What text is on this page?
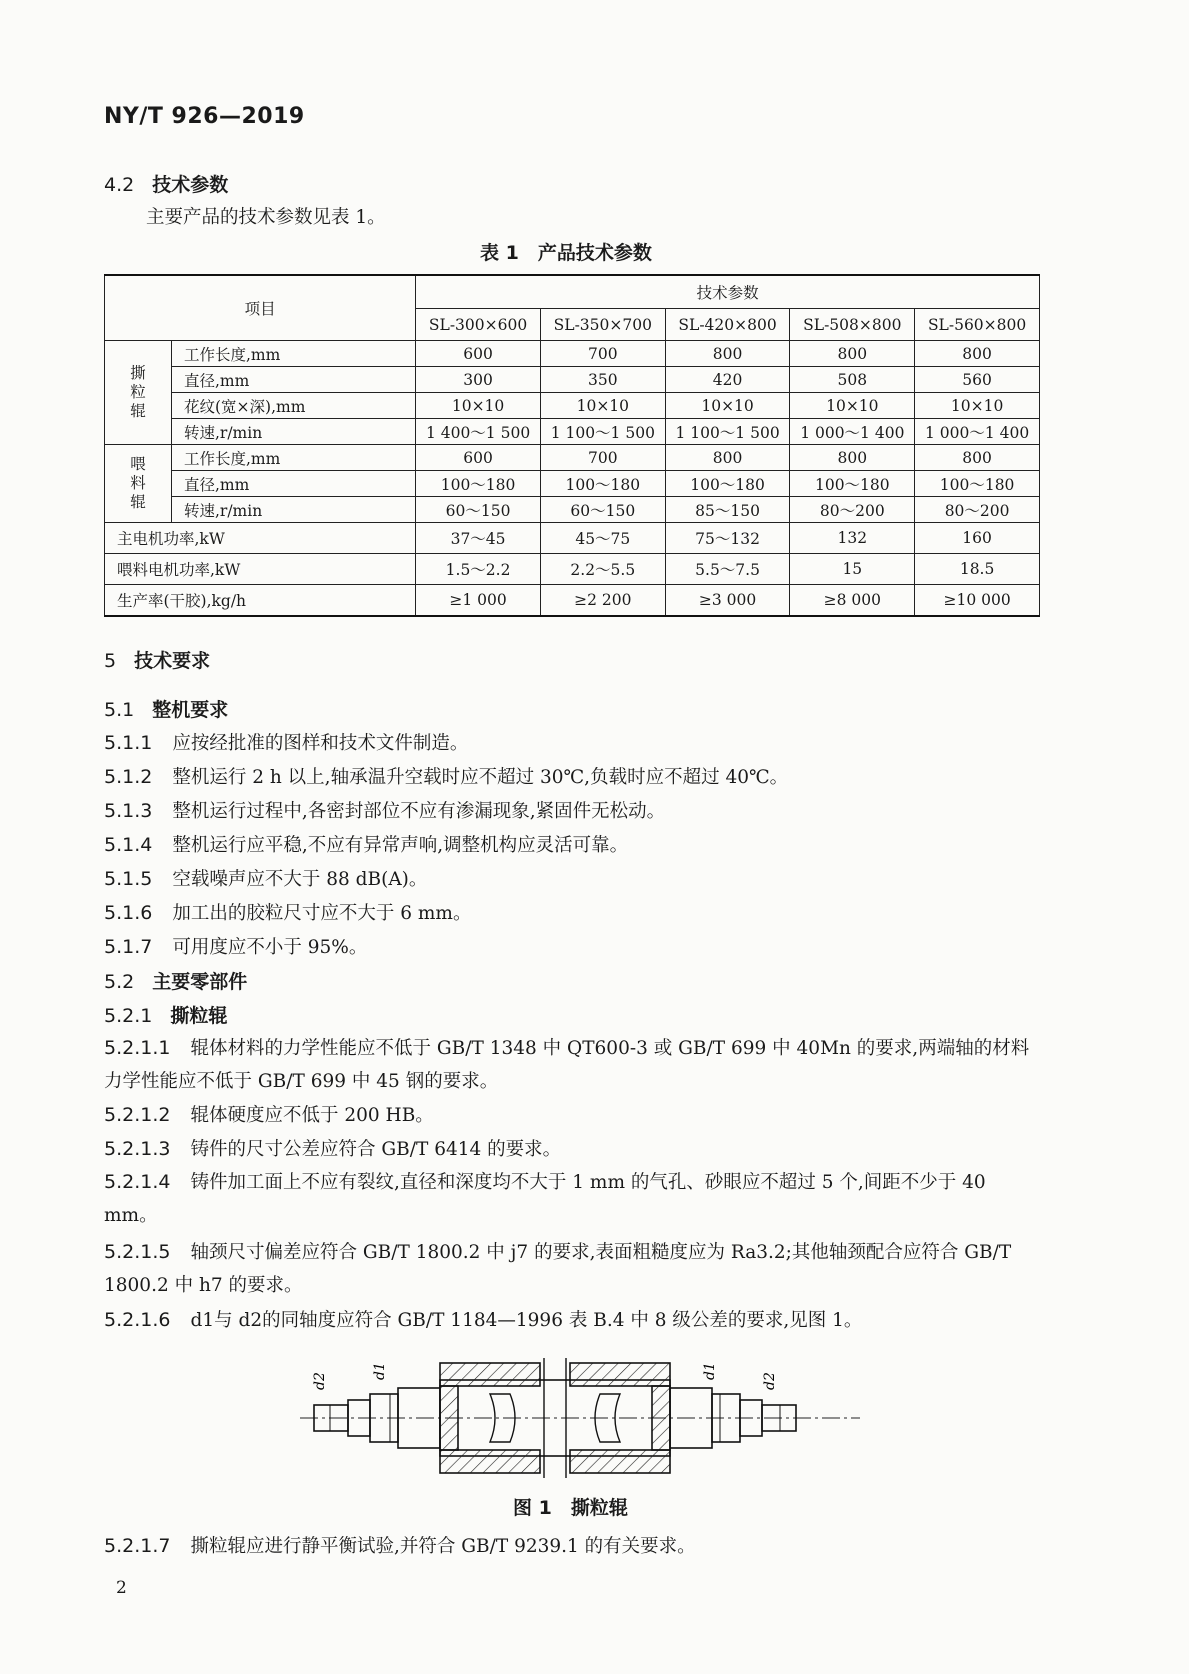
NY/T 926—2019
4.2 技术参数
主要产品的技术参数见表 1。
表 1　产品技术参数
项目		技术参数				
		SL-300×600	SL-350×700	SL-420×800	SL-508×800	SL-560×800
撕粒辊	工作长度,mm	600	700	800	800	800
	直径,mm	300	350	420	508	560
	花纹(宽×深),mm	10×10	10×10	10×10	10×10	10×10
	转速,r/min	1 400～1 500	1 100～1 500	1 100～1 500	1 000～1 400	1 000～1 400
喂料辊	工作长度,mm	600	700	800	800	800
	直径,mm	100～180	100～180	100～180	100～180	100～180
	转速,r/min	60～150	60～150	85～150	80～200	80～200
主电机功率,kW		37～45	45～75	75～132	132	160
喂料电机功率,kW		1.5～2.2	2.2～5.5	5.5～7.5	15	18.5
生产率(干胶),kg/h		≥1 000	≥2 200	≥3 000	≥8 000	≥10 000
5 技术要求
5.1 整机要求
5.1.1 应按经批准的图样和技术文件制造。
5.1.2 整机运行 2 h 以上,轴承温升空载时应不超过 30℃,负载时应不超过 40℃。
5.1.3 整机运行过程中,各密封部位不应有渗漏现象,紧固件无松动。
5.1.4 整机运行应平稳,不应有异常声响,调整机构应灵活可靠。
5.1.5 空载噪声应不大于 88 dB(A)。
5.1.6 加工出的胶粒尺寸应不大于 6 mm。
5.1.7 可用度应不小于 95%。
5.2 主要零部件
5.2.1 撕粒辊
5.2.1.1 辊体材料的力学性能应不低于 GB/T 1348 中 QT600-3 或 GB/T 699 中 40Mn 的要求,两端轴的材料力学性能应不低于 GB/T 699 中 45 钢的要求。
5.2.1.2 辊体硬度应不低于 200 HB。
5.2.1.3 铸件的尺寸公差应符合 GB/T 6414 的要求。
5.2.1.4 铸件加工面上不应有裂纹,直径和深度均不大于 1 mm 的气孔、砂眼应不超过 5 个,间距不少于 40 mm。
5.2.1.5 轴颈尺寸偏差应符合 GB/T 1800.2 中 j7 的要求,表面粗糙度应为 Ra3.2;其他轴颈配合应符合 GB/T 1800.2 中 h7 的要求。
5.2.1.6 d1与 d2的同轴度应符合 GB/T 1184—1996 表 B.4 中 8 级公差的要求,见图 1。
d2
d1	d1
d2
图 1　撕粒辊
5.2.1.7 撕粒辊应进行静平衡试验,并符合 GB/T 9239.1 的有关要求。
2
